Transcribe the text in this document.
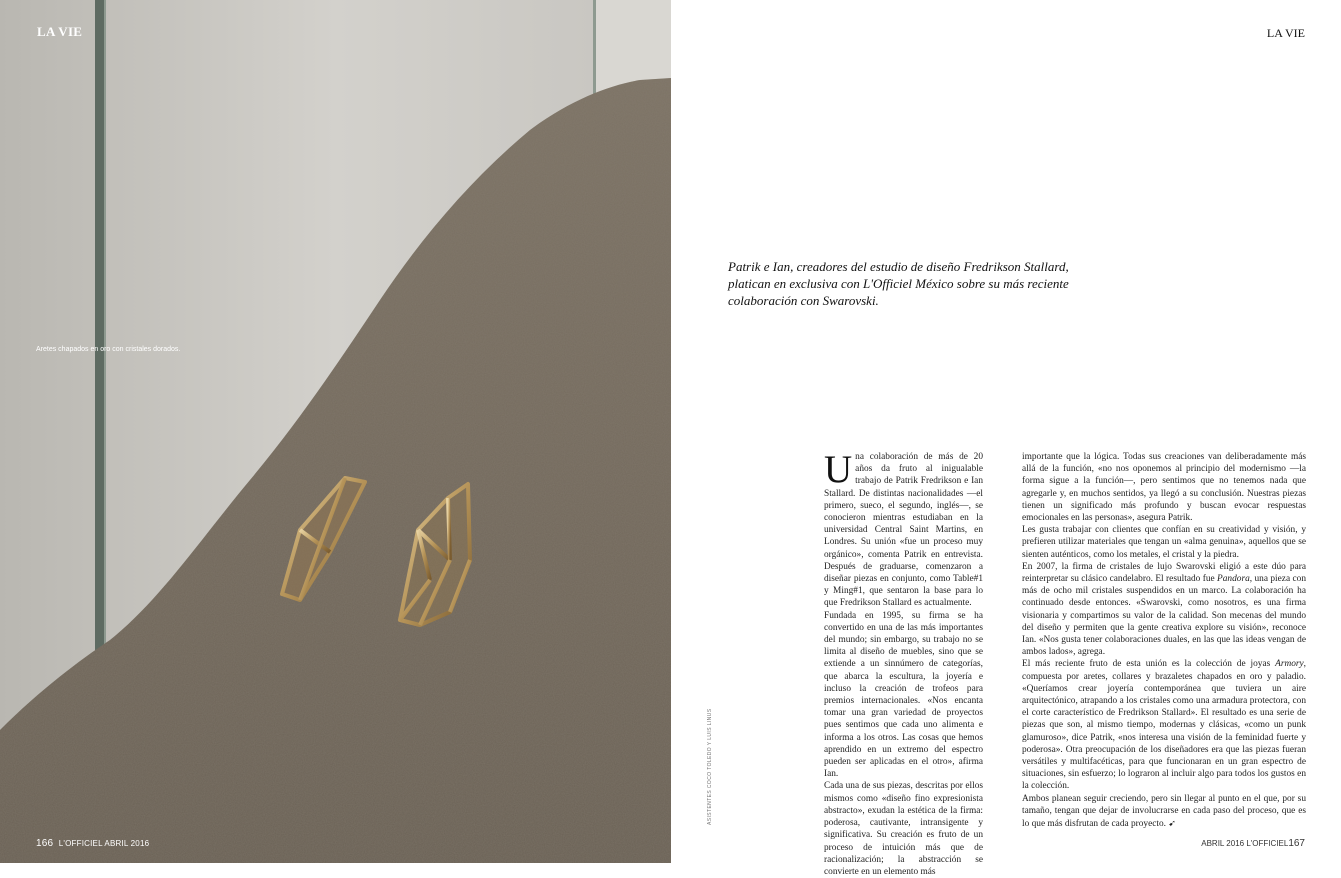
LA VIE
Aretes chapados en oro con cristales dorados.
166 L'OFFICIEL ABRIL 2016
LA VIE
Patrik e Ian, creadores del estudio de diseño Fredrikson Stallard, platican en exclusiva con L'Officiel México sobre su más reciente colaboración con Swarovski.

Una colaboración de más de 20 años da fruto al inigualable trabajo de Patrik Fredrikson e Ian Stallard. De distintas nacionalidades —el primero, sueco, el segundo, inglés—, se conocieron mientras estudiaban en la universidad Central Saint Martins, en Londres. Su unión «fue un proceso muy orgánico», comenta Patrik en entrevista. Después de graduarse, comenzaron a diseñar piezas en conjunto, como Table#1 y Ming#1, que sentaron la base para lo que Fredrikson Stallard es actualmente.

Fundada en 1995, su firma se ha convertido en una de las más importantes del mundo; sin embargo, su trabajo no se limita al diseño de muebles, sino que se extiende a un sinnúmero de categorías, que abarca la escultura, la joyería e incluso la creación de trofeos para premios internacionales. «Nos encanta tomar una gran variedad de proyectos pues sentimos que cada uno alimenta e informa a los otros. Las cosas que hemos aprendido en un extremo del espectro pueden ser aplicadas en el otro», afirma Ian.

Cada una de sus piezas, descritas por ellos mismos como «diseño fino expresionista abstracto», exudan la estética de la firma: poderosa, cautivante, intransigente y significativa. Su creación es fruto de un proceso de intuición más que de racionalización; la abstracción se convierte en un elemento más

importante que la lógica. Todas sus creaciones van deliberadamente más allá de la función, «no nos oponemos al principio del modernismo —la forma sigue a la función—, pero sentimos que no tenemos nada que agregarle y, en muchos sentidos, ya llegó a su conclusión. Nuestras piezas tienen un significado más profundo y buscan evocar respuestas emocionales en las personas», asegura Patrik.

Les gusta trabajar con clientes que confían en su creatividad y visión, y prefieren utilizar materiales que tengan un «alma genuina», aquellos que se sienten auténticos, como los metales, el cristal y la piedra.

En 2007, la firma de cristales de lujo Swarovski eligió a este dúo para reinterpretar su clásico candelabro. El resultado fue Pandora, una pieza con más de ocho mil cristales suspendidos en un marco. La colaboración ha continuado desde entonces. «Swarovski, como nosotros, es una firma visionaria y compartimos su valor de la calidad. Son mecenas del mundo del diseño y permiten que la gente creativa explore su visión», reconoce Ian. «Nos gusta tener colaboraciones duales, en las que las ideas vengan de ambos lados», agrega.

El más reciente fruto de esta unión es la colección de joyas Armory, compuesta por aretes, collares y brazaletes chapados en oro y paladio. «Queríamos crear joyería contemporánea que tuviera un aire arquitectónico, atrapando a los cristales como una armadura protectora, con el corte característico de Fredrikson Stallard». El resultado es una serie de piezas que son, al mismo tiempo, modernas y clásicas, «como un punk glamuroso», dice Patrik, «nos interesa una visión de la feminidad fuerte y poderosa». Otra preocupación de los diseñadores era que las piezas fueran versátiles y multifacéticas, para que funcionaran en un gran espectro de situaciones, sin esfuerzo; lo lograron al incluir algo para todos los gustos en la colección.

Ambos planean seguir creciendo, pero sin llegar al punto en el que, por su tamaño, tengan que dejar de involucrarse en cada paso del proceso, que es lo que más disfrutan de cada proyecto. ➹

ABRIL 2016 L'OFFICIEL167
ASISTENTES COCO TOLEDO Y LUIS LINUS
